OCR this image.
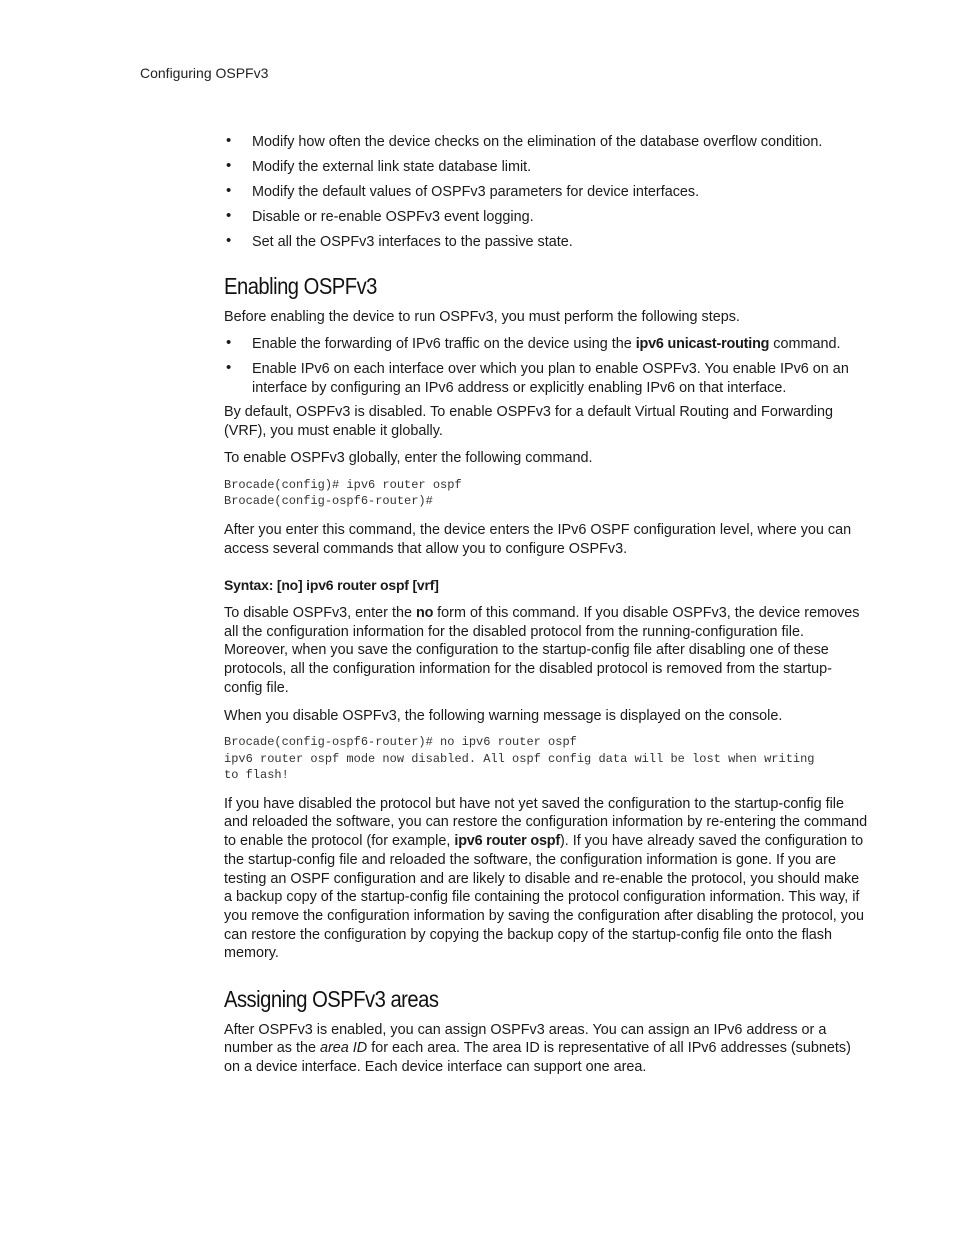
Configuring OSPFv3
• Modify how often the device checks on the elimination of the database overflow condition.
• Modify the external link state database limit.
• Modify the default values of OSPFv3 parameters for device interfaces.
• Disable or re-enable OSPFv3 event logging.
• Set all the OSPFv3 interfaces to the passive state.
Enabling OSPFv3

Before enabling the device to run OSPFv3, you must perform the following steps.

• Enable the forwarding of IPv6 traffic on the device using the ipv6 unicast-routing command.
• Enable IPv6 on each interface over which you plan to enable OSPFv3. You enable IPv6 on an interface by configuring an IPv6 address or explicitly enabling IPv6 on that interface.

By default, OSPFv3 is disabled. To enable OSPFv3 for a default Virtual Routing and Forwarding (VRF), you must enable it globally.

To enable OSPFv3 globally, enter the following command.

Brocade(config)# ipv6 router ospf
Brocade(config-ospf6-router)#

After you enter this command, the device enters the IPv6 OSPF configuration level, where you can access several commands that allow you to configure OSPFv3.

Syntax: [no] ipv6 router ospf [vrf]

To disable OSPFv3, enter the no form of this command. If you disable OSPFv3, the device removes all the configuration information for the disabled protocol from the running-configuration file. Moreover, when you save the configuration to the startup-config file after disabling one of these protocols, all the configuration information for the disabled protocol is removed from the startup-config file.

When you disable OSPFv3, the following warning message is displayed on the console.

Brocade(config-ospf6-router)# no ipv6 router ospf
ipv6 router ospf mode now disabled. All ospf config data will be lost when writing
to flash!

If you have disabled the protocol but have not yet saved the configuration to the startup-config file and reloaded the software, you can restore the configuration information by re-entering the command to enable the protocol (for example, ipv6 router ospf). If you have already saved the configuration to the startup-config file and reloaded the software, the configuration information is gone. If you are testing an OSPF configuration and are likely to disable and re-enable the protocol, you should make a backup copy of the startup-config file containing the protocol configuration information. This way, if you remove the configuration information by saving the configuration after disabling the protocol, you can restore the configuration by copying the backup copy of the startup-config file onto the flash memory.

Assigning OSPFv3 areas

After OSPFv3 is enabled, you can assign OSPFv3 areas. You can assign an IPv6 address or a number as the area ID for each area. The area ID is representative of all IPv6 addresses (subnets) on a device interface. Each device interface can support one area.
